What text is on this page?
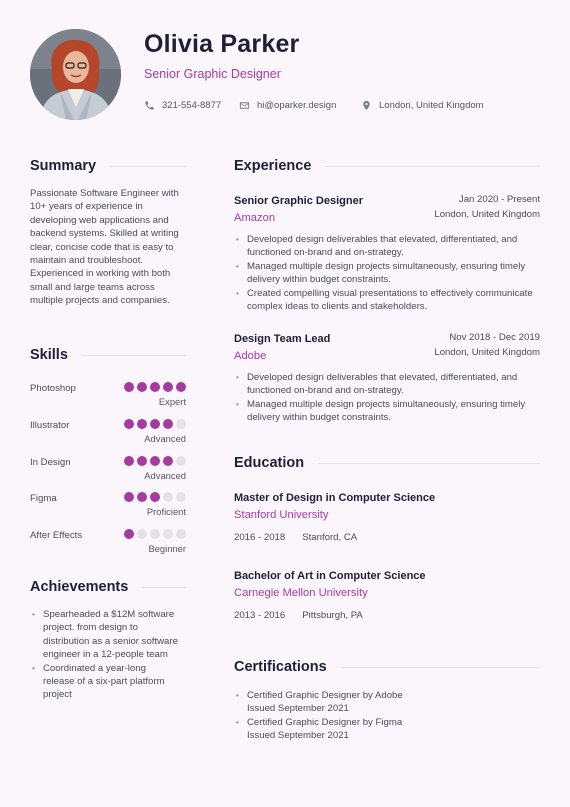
Olivia Parker
Senior Graphic Designer
321-554-8877	hi@oparker.design	London, United Kingdom
Summary
Passionate Software Engineer with 10+ years of experience in developing web applications and backend systems. Skilled at writing clear, concise code that is easy to maintain and troubleshoot. Experienced in working with both small and large teams across multiple projects and companies.
Skills
Photoshop
Expert
Illustrator
Advanced
In Design
Advanced
Figma
Proficient
After Effects
Beginner
Achievements
• Spearheaded a $12M software project. from design to distribution as a senior software engineer in a 12-people team
• Coordinated a year-long release of a six-part platform project
Experience
Senior Graphic Designer
Amazon
Jan 2020 - Present
London, United Kingdom
• Developed design deliverables that elevated, differentiated, and functioned on-brand and on-strategy.
• Managed multiple design projects simultaneously, ensuring timely delivery within budget constraints.
• Created compelling visual presentations to effectively communicate complex ideas to clients and stakeholders.
Design Team Lead
Adobe
Nov 2018 - Dec 2019
London, United Kingdom
• Developed design deliverables that elevated, differentiated, and functioned on-brand and on-strategy.
• Managed multiple design projects simultaneously, ensuring timely delivery within budget constraints.
Education
Master of Design in Computer Science
Stanford University
2016 - 2018 Stanford, CA
Bachelor of Art in Computer Science
Carnegie Mellon University
2013 - 2016 Pittsburgh, PA
Certifications
• Certified Graphic Designer by Adobe
Issued September 2021
• Certified Graphic Designer by Figma
Issued September 2021
